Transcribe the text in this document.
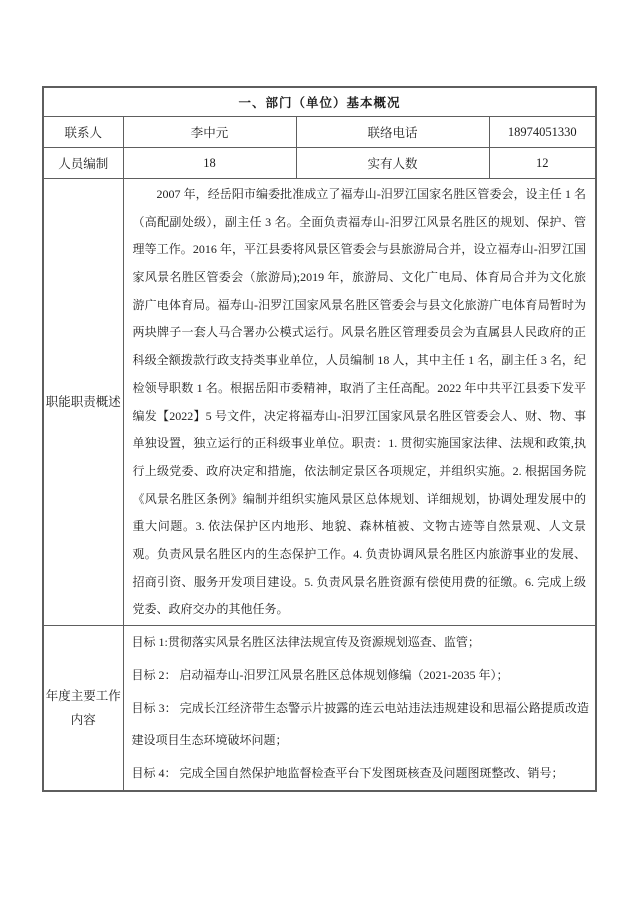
一、部门（单位）基本概况			
联系人	李中元	联络电话	18974051330
人员编制	18	实有人数	12
职能职责概述	2007 年，经岳阳市编委批准成立了福寿山-汨罗江国家名胜区管委会，设主任 1 名（高配副处级），副主任 3 名。全面负责福寿山-汨罗江风景名胜区的规划、保护、管理等工作。2016 年，平江县委将风景区管委会与县旅游局合并，设立福寿山-汨罗江国家风景名胜区管委会（旅游局);2019 年，旅游局、文化广电局、体育局合并为文化旅游广电体育局。福寿山-汨罗江国家风景名胜区管委会与县文化旅游广电体育局暂时为两块牌子一套人马合署办公模式运行。风景名胜区管理委员会为直属县人民政府的正科级全额拨款行政支持类事业单位，人员编制 18 人，其中主任 1 名，副主任 3 名，纪检领导职数 1 名。根据岳阳市委精神，取消了主任高配。2022 年中共平江县委下发平编发【2022】5 号文件，决定将福寿山-汨罗江国家风景名胜区管委会人、财、物、事单独设置，独立运行的正科级事业单位。职责：1. 贯彻实施国家法律、法规和政策,执行上级党委、政府决定和措施，依法制定景区各项规定，并组织实施。2. 根据国务院《风景名胜区条例》编制并组织实施风景区总体规划、详细规划，协调处理发展中的重大问题。3. 依法保护区内地形、地貌、森林植被、文物古迹等自然景观、人文景观。负责风景名胜区内的生态保护工作。4. 负责协调风景名胜区内旅游事业的发展、招商引资、服务开发项目建设。5. 负责风景名胜资源有偿使用费的征缴。6. 完成上级党委、政府交办的其他任务。		

年度主要工作内容	目标 1:贯彻落实风景名胜区法律法规宣传及资源规划巡查、监管；

目标 2： 启动福寿山-汨罗江风景名胜区总体规划修编（2021-2035 年）；

目标 3： 完成长江经济带生态警示片披露的连云电站违法违规建设和思福公路提质改造建设项目生态环境破坏问题；

目标 4： 完成全国自然保护地监督检查平台下发图斑核查及问题图斑整改、销号；		
